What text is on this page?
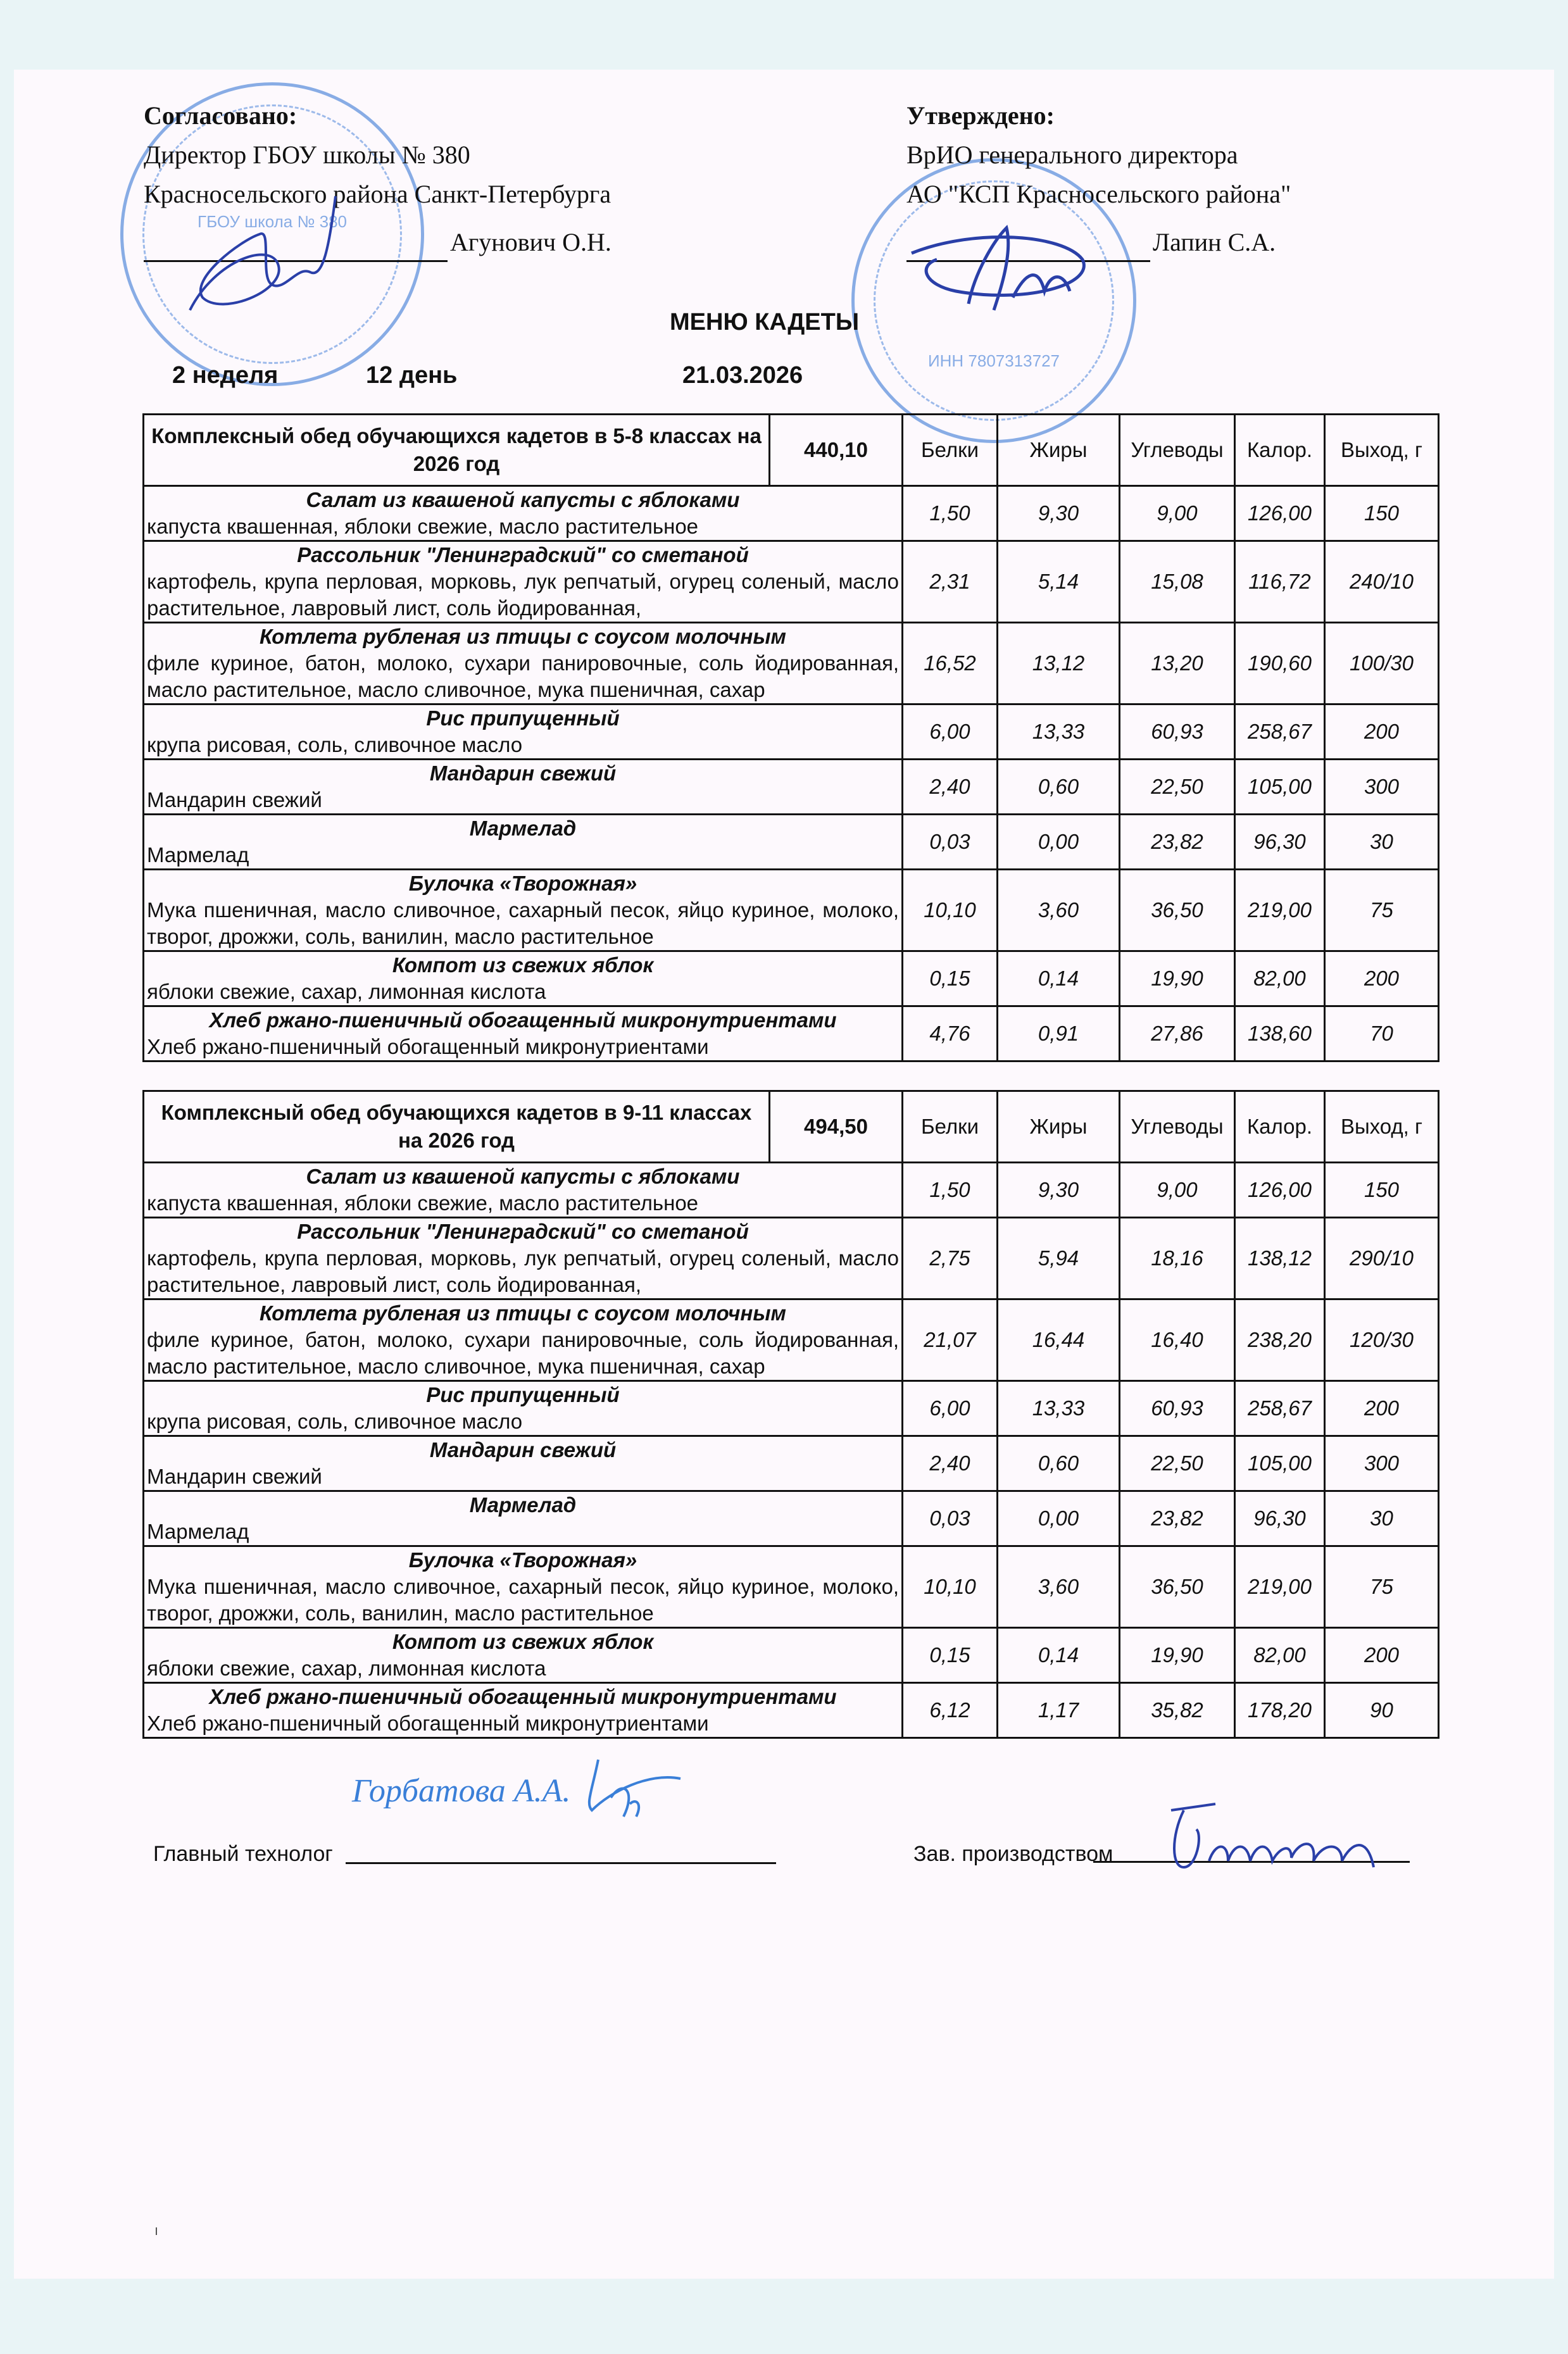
ГБОУ школа № 380
ИНН 7807313727
Согласовано:
Директор ГБОУ школы № 380
Красносельского района Санкт-Петербурга
Агунович О.Н.
Утверждено:
ВрИО генерального директора
АО "КСП Красносельского района"
Лапин С.А.
МЕНЮ КАДЕТЫ
2 неделя	12 день	21.03.2026
Комплексный обед обучающихся кадетов в 5-8 классах на 2026 год	440,10	Белки	Жиры	Углеводы	Калор.	Выход, г

Салат из квашеной капусты с яблоками
капуста квашенная, яблоки свежие, масло растительное		1,50	9,30	9,00	126,00	150

Рассольник "Ленинградский" со сметаной
картофель, крупа перловая, морковь, лук репчатый, огурец соленый, масло растительное, лавровый лист, соль йодированная,		2,31	5,14	15,08	116,72	240/10

Котлета рубленая из птицы с соусом молочным
филе куриное, батон, молоко, сухари панировочные, соль йодированная, масло растительное, масло сливочное, мука пшеничная, сахар		16,52	13,12	13,20	190,60	100/30

Рис припущенный
крупа рисовая, соль, сливочное масло		6,00	13,33	60,93	258,67	200

Мандарин свежий
Мандарин свежий		2,40	0,60	22,50	105,00	300

Мармелад
Мармелад		0,03	0,00	23,82	96,30	30

Булочка «Творожная»
Мука пшеничная, масло сливочное, сахарный песок, яйцо куриное, молоко, творог, дрожжи, соль, ванилин, масло растительное		10,10	3,60	36,50	219,00	75

Компот из свежих яблок
яблоки свежие, сахар, лимонная кислота		0,15	0,14	19,90	82,00	200

Хлеб ржано-пшеничный обогащенный микронутриентами
Хлеб ржано-пшеничный обогащенный микронутриентами		4,76	0,91	27,86	138,60	70
Комплексный обед обучающихся кадетов в 9-11 классах на 2026 год	494,50	Белки	Жиры	Углеводы	Калор.	Выход, г

Салат из квашеной капусты с яблоками
капуста квашенная, яблоки свежие, масло растительное		1,50	9,30	9,00	126,00	150

Рассольник "Ленинградский" со сметаной
картофель, крупа перловая, морковь, лук репчатый, огурец соленый, масло растительное, лавровый лист, соль йодированная,		2,75	5,94	18,16	138,12	290/10

Котлета рубленая из птицы с соусом молочным
филе куриное, батон, молоко, сухари панировочные, соль йодированная, масло растительное, масло сливочное, мука пшеничная, сахар		21,07	16,44	16,40	238,20	120/30

Рис припущенный
крупа рисовая, соль, сливочное масло		6,00	13,33	60,93	258,67	200

Мандарин свежий
Мандарин свежий		2,40	0,60	22,50	105,00	300

Мармелад
Мармелад		0,03	0,00	23,82	96,30	30

Булочка «Творожная»
Мука пшеничная, масло сливочное, сахарный песок, яйцо куриное, молоко, творог, дрожжи, соль, ванилин, масло растительное		10,10	3,60	36,50	219,00	75

Компот из свежих яблок
яблоки свежие, сахар, лимонная кислота		0,15	0,14	19,90	82,00	200

Хлеб ржано-пшеничный обогащенный микронутриентами
Хлеб ржано-пшеничный обогащенный микронутриентами		6,12	1,17	35,82	178,20	90
Горбатова А.А.
Главный технолог	Зав. производством
